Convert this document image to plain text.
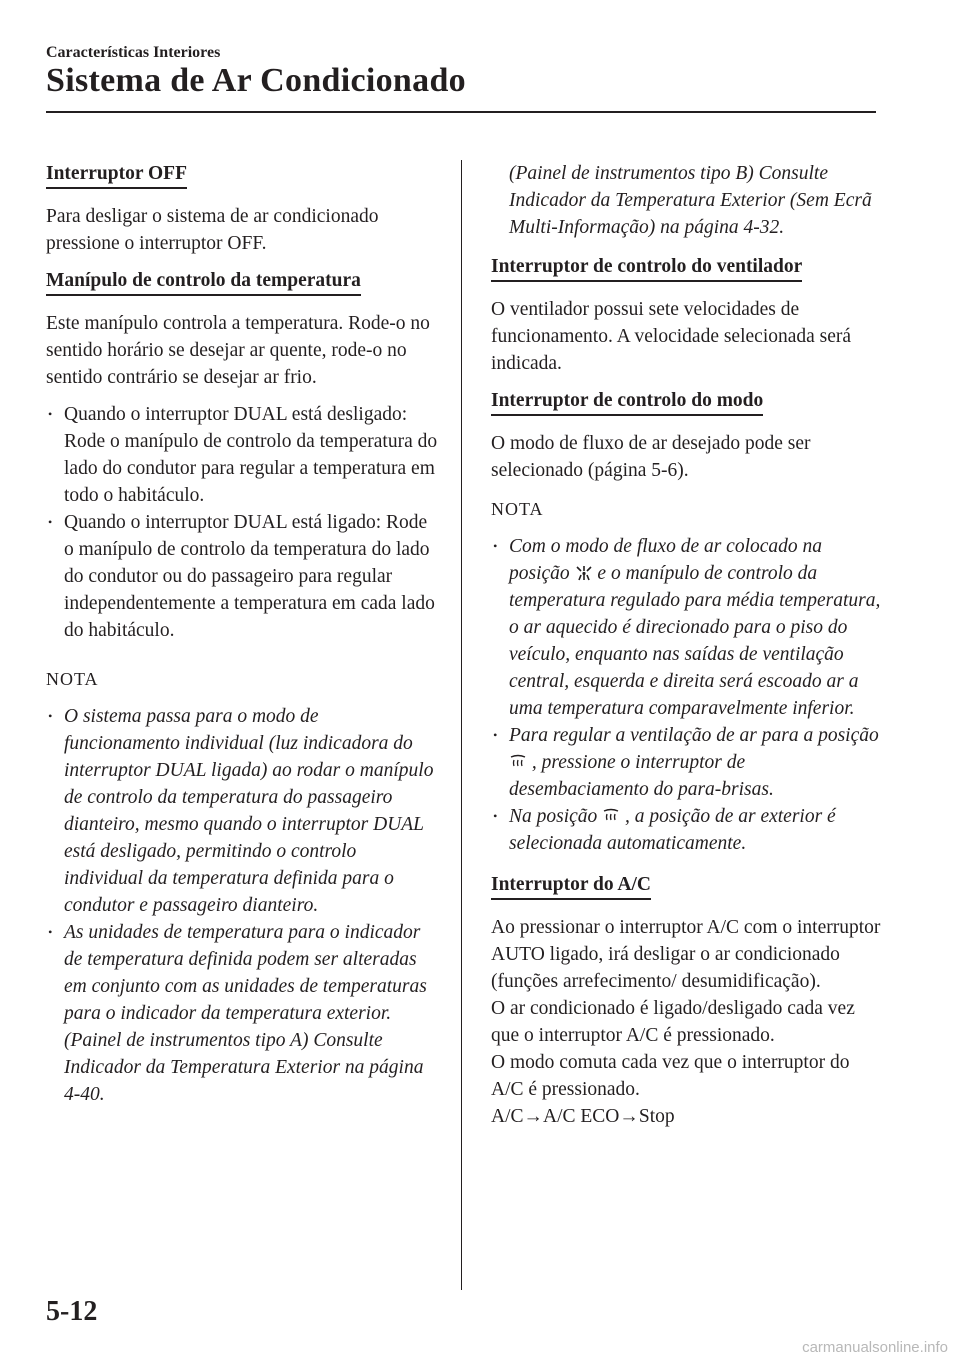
Características Interiores
Sistema de Ar Condicionado
Interruptor OFF

Para desligar o sistema de ar condicionado pressione o interruptor OFF.

Manípulo de controlo da temperatura

Este manípulo controla a temperatura. Rode-o no sentido horário se desejar ar quente, rode-o no sentido contrário se desejar ar frio.

• Quando o interruptor DUAL está desligado: Rode o manípulo de controlo da temperatura do lado do condutor para regular a temperatura em todo o habitáculo.
• Quando o interruptor DUAL está ligado: Rode o manípulo de controlo da temperatura do lado do condutor ou do passageiro para regular independentemente a temperatura em cada lado do habitáculo.
NOTA
• O sistema passa para o modo de funcionamento individual (luz indicadora do interruptor DUAL ligada) ao rodar o manípulo de controlo da temperatura do passageiro dianteiro, mesmo quando o interruptor DUAL está desligado, permitindo o controlo individual da temperatura definida para o condutor e passageiro dianteiro.
• As unidades de temperatura para o indicador de temperatura definida podem ser alteradas em conjunto com as unidades de temperaturas para o indicador da temperatura exterior. (Painel de instrumentos tipo A) Consulte Indicador da Temperatura Exterior na página 4-40.
(Painel de instrumentos tipo B) Consulte Indicador da Temperatura Exterior (Sem Ecrã Multi-Informação) na página 4-32.
Interruptor de controlo do ventilador

O ventilador possui sete velocidades de funcionamento. A velocidade selecionada será indicada.

Interruptor de controlo do modo

O modo de fluxo de ar desejado pode ser selecionado (página 5-6).

NOTA
• Com o modo de fluxo de ar colocado na posição e o manípulo de controlo da temperatura regulado para média temperatura, o ar aquecido é direcionado para o piso do veículo, enquanto nas saídas de ventilação central, esquerda e direita será escoado ar a uma temperatura comparavelmente inferior.
• Para regular a ventilação de ar para a posição  , pressione o interruptor de desembaciamento do para-brisas.
• Na posição , a posição de ar exterior é selecionada automaticamente.
Interruptor do A/C
Ao pressionar o interruptor A/C com o interruptor AUTO ligado, irá desligar o ar condicionado (funções arrefecimento/ desumidificação).
O ar condicionado é ligado/desligado cada vez que o interruptor A/C é pressionado.
O modo comuta cada vez que o interruptor do A/C é pressionado.
A/C→A/C ECO→Stop
5-12
carmanualsonline.info
